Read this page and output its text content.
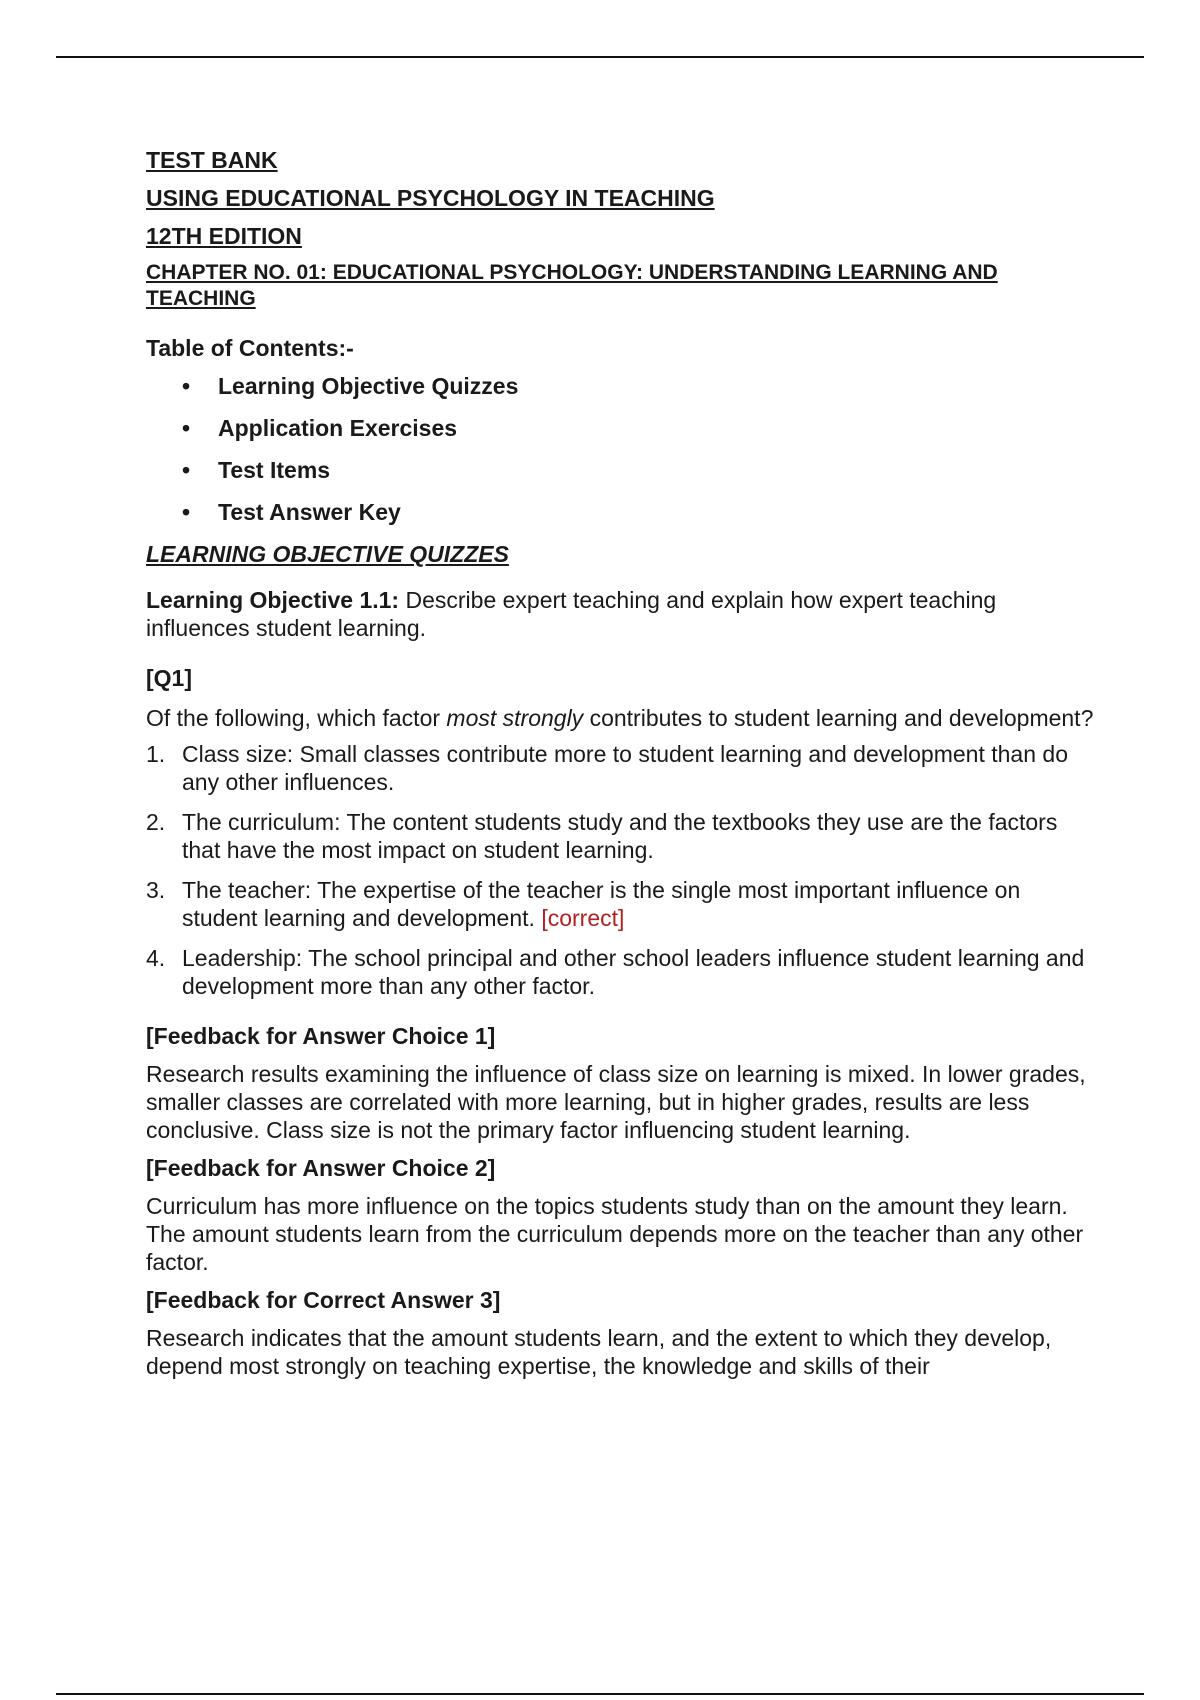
TEST BANK

USING EDUCATIONAL PSYCHOLOGY IN TEACHING

12TH EDITION

CHAPTER NO. 01: EDUCATIONAL PSYCHOLOGY: UNDERSTANDING LEARNING AND TEACHING

Table of Contents:-

• Learning Objective Quizzes
• Application Exercises
• Test Items
• Test Answer Key

LEARNING OBJECTIVE QUIZZES

Learning Objective 1.1: Describe expert teaching and explain how expert teaching influences student learning.

[Q1]

Of the following, which factor most strongly contributes to student learning and development?

1. Class size: Small classes contribute more to student learning and development than do any other influences.
2. The curriculum: The content students study and the textbooks they use are the factors that have the most impact on student learning.
3. The teacher: The expertise of the teacher is the single most important influence on student learning and development. [correct]
4. Leadership: The school principal and other school leaders influence student learning and development more than any other factor.

[Feedback for Answer Choice 1]

Research results examining the influence of class size on learning is mixed. In lower grades, smaller classes are correlated with more learning, but in higher grades, results are less conclusive. Class size is not the primary factor influencing student learning.

[Feedback for Answer Choice 2]

Curriculum has more influence on the topics students study than on the amount they learn. The amount students learn from the curriculum depends more on the teacher than any other factor.

[Feedback for Correct Answer 3]

Research indicates that the amount students learn, and the extent to which they develop, depend most strongly on teaching expertise, the knowledge and skills of their
